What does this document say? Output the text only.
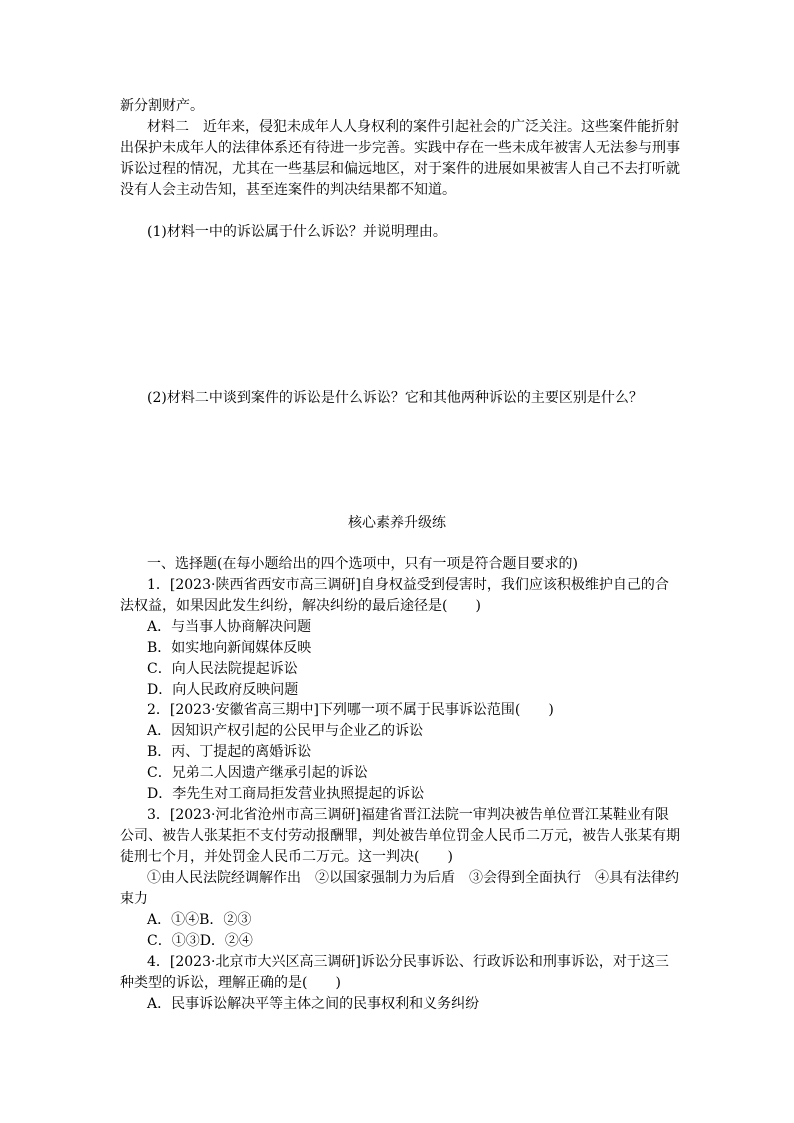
新分割财产。
材料二　近年来，侵犯未成年人人身权利的案件引起社会的广泛关注。这些案件能折射
出保护未成年人的法律体系还有待进一步完善。实践中存在一些未成年被害人无法参与刑事
诉讼过程的情况，尤其在一些基层和偏远地区，对于案件的进展如果被害人自己不去打听就
没有人会主动告知，甚至连案件的判决结果都不知道。
(1)材料一中的诉讼属于什么诉讼？并说明理由。
(2)材料二中谈到案件的诉讼是什么诉讼？它和其他两种诉讼的主要区别是什么？
核心素养升级练
一、选择题(在每小题给出的四个选项中，只有一项是符合题目要求的)
1．[2023·陕西省西安市高三调研]自身权益受到侵害时，我们应该积极维护自己的合
法权益，如果因此发生纠纷，解决纠纷的最后途径是(　　)
A．与当事人协商解决问题
B．如实地向新闻媒体反映
C．向人民法院提起诉讼
D．向人民政府反映问题
2．[2023·安徽省高三期中]下列哪一项不属于民事诉讼范围(　　)
A．因知识产权引起的公民甲与企业乙的诉讼
B．丙、丁提起的离婚诉讼
C．兄弟二人因遗产继承引起的诉讼
D．李先生对工商局拒发营业执照提起的诉讼
3．[2023·河北省沧州市高三调研]福建省晋江法院一审判决被告单位晋江某鞋业有限
公司、被告人张某拒不支付劳动报酬罪，判处被告单位罚金人民币二万元，被告人张某有期
徒刑七个月，并处罚金人民币二万元。这一判决(　　)
①由人民法院经调解作出　②以国家强制力为后盾　③会得到全面执行　④具有法律约
束力
A．①④B．②③
C．①③D．②④
4．[2023·北京市大兴区高三调研]诉讼分民事诉讼、行政诉讼和刑事诉讼，对于这三
种类型的诉讼，理解正确的是(　　)
A．民事诉讼解决平等主体之间的民事权利和义务纠纷
